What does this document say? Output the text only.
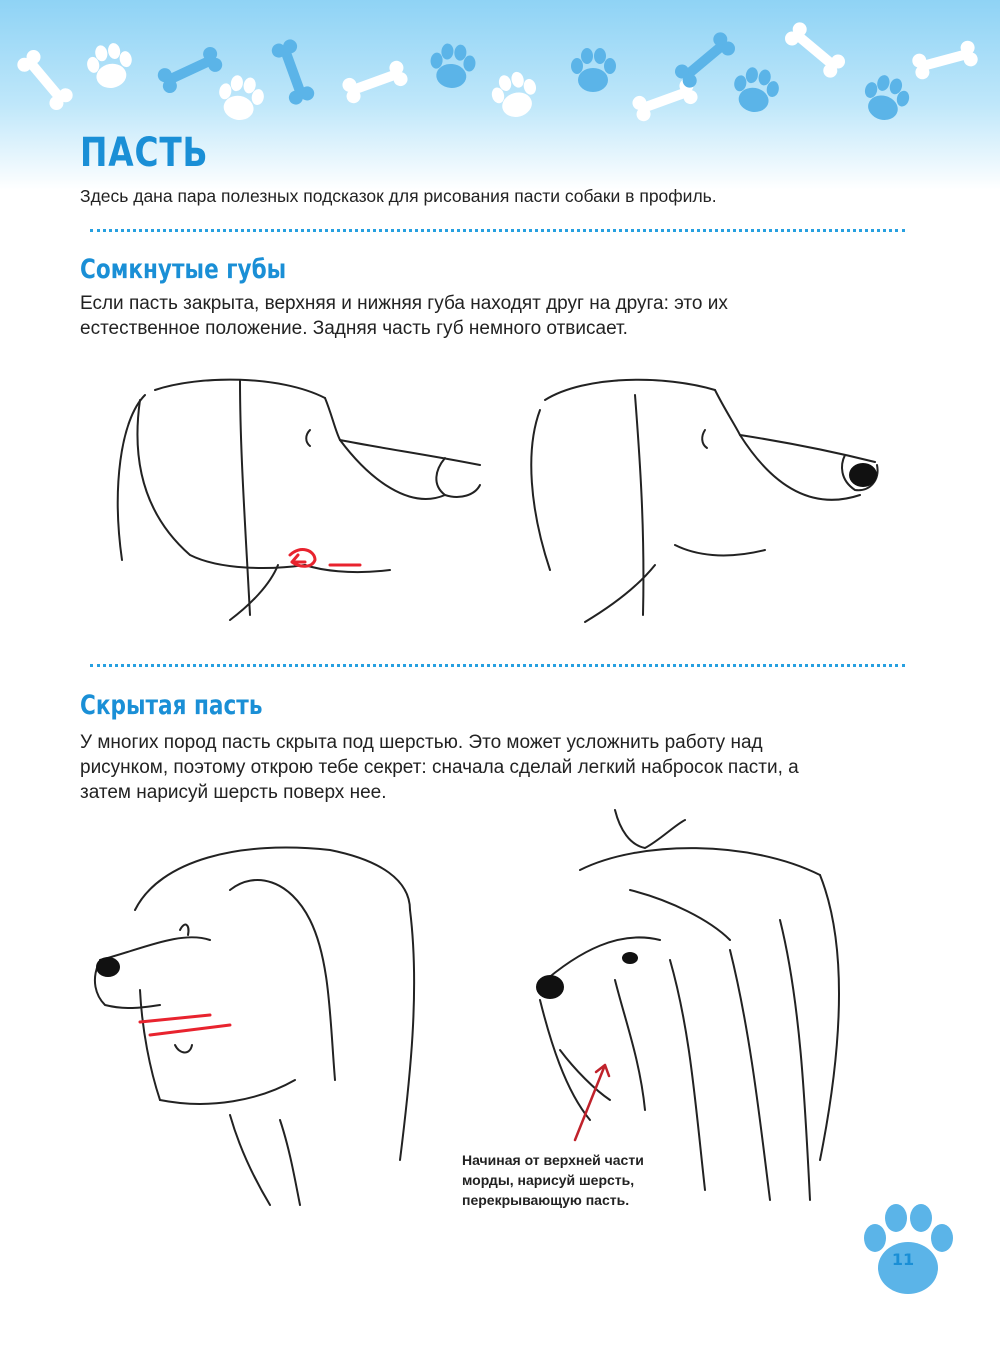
ПАСТЬ

Здесь дана пара полезных подсказок для рисования пасти собаки в профиль.

Сомкнутые губы

Если пасть закрыта, верхняя и нижняя губа находят друг на друга: это их естественное положение. Задняя часть губ немного отвисает.

Скрытая пасть

У многих пород пасть скрыта под шерстью. Это может усложнить работу над рисунком, поэтому открою тебе секрет: сначала сделай легкий набросок пасти, а затем нарисуй шерсть поверх нее.

Начиная от верхней части морды, нарисуй шерсть, перекрывающую пасть.

11
